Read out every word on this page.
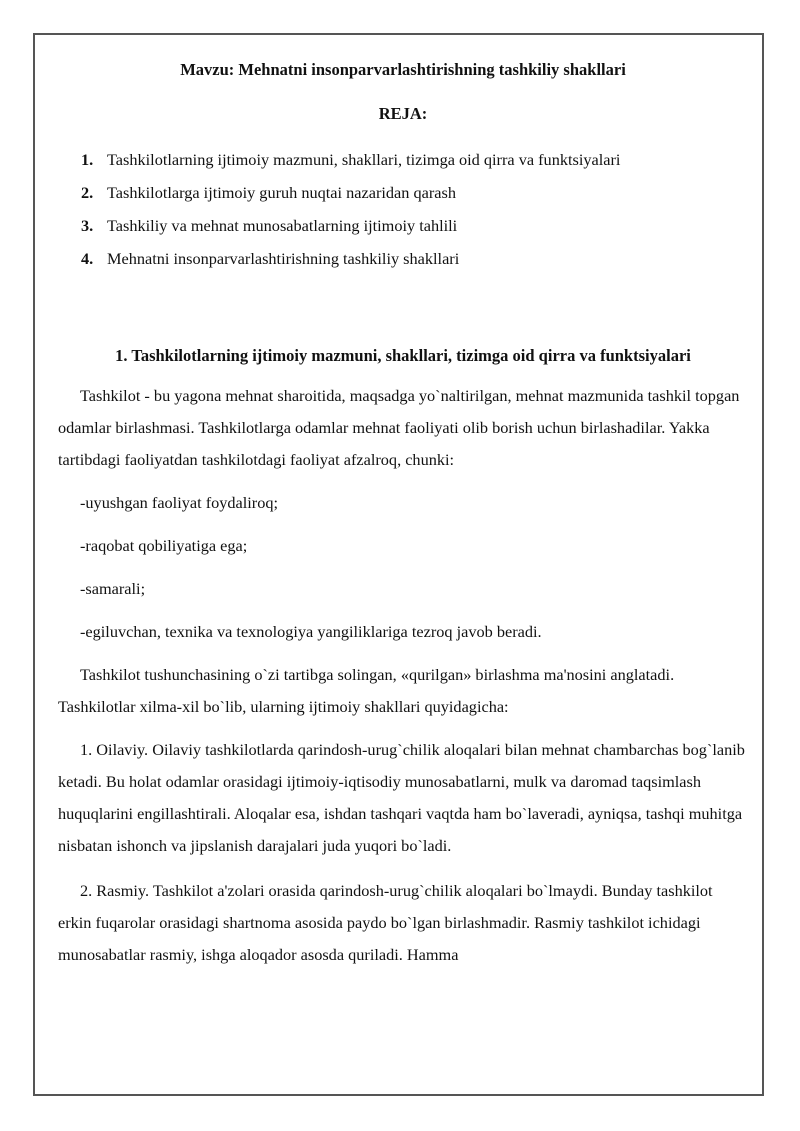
Mavzu: Mehnatni insonparvarlashtirishning tashkiliy shakllari

REJA:

1. Tashkilotlarning ijtimoiy mazmuni, shakllari, tizimga oid qirra va funktsiyalari
2. Tashkilotlarga ijtimoiy guruh nuqtai nazaridan qarash
3. Tashkiliy va mehnat munosabatlarning ijtimoiy tahlili
4. Mehnatni insonparvarlashtirishning tashkiliy shakllari

1. Tashkilotlarning ijtimoiy mazmuni, shakllari, tizimga oid qirra va funktsiyalari

Tashkilot - bu yagona mehnat sharoitida, maqsadga yo`naltirilgan, mehnat mazmunida tashkil topgan odamlar birlashmasi. Tashkilotlarga odamlar mehnat faoliyati olib borish uchun birlashadilar. Yakka tartibdagi faoliyatdan tashkilotdagi faoliyat afzalroq, chunki:

-uyushgan faoliyat foydaliroq;

-raqobat qobiliyatiga ega;

-samarali;

-egiluvchan, texnika va texnologiya yangiliklariga tezroq javob beradi.

Tashkilot tushunchasining o`zi tartibga solingan, «qurilgan» birlashma ma'nosini anglatadi. Tashkilotlar xilma-xil bo`lib, ularning ijtimoiy shakllari quyidagicha:

1. Oilaviy. Oilaviy tashkilotlarda qarindosh-urug`chilik aloqalari bilan mehnat chambarchas bog`lanib ketadi. Bu holat odamlar orasidagi ijtimoiy-iqtisodiy munosabatlarni, mulk va daromad taqsimlash huquqlarini engillashtirali. Aloqalar esa, ishdan tashqari vaqtda ham bo`laveradi, ayniqsa, tashqi muhitga nisbatan ishonch va jipslanish darajalari juda yuqori bo`ladi.

2. Rasmiy. Tashkilot a'zolari orasida qarindosh-urug`chilik aloqalari bo`lmaydi. Bunday tashkilot erkin fuqarolar orasidagi shartnoma asosida paydo bo`lgan birlashmadir. Rasmiy tashkilot ichidagi munosabatlar rasmiy, ishga aloqador asosda quriladi. Hamma
